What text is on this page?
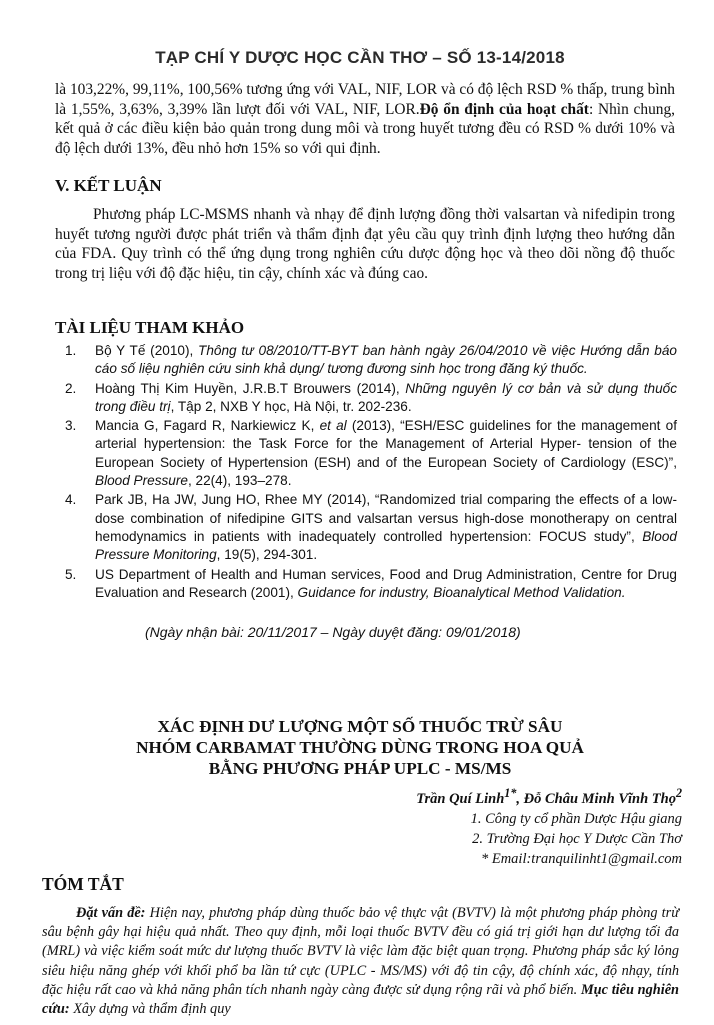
TẠP CHÍ Y DƯỢC HỌC CẦN THƠ – SỐ 13-14/2018
là 103,22%, 99,11%, 100,56% tương ứng với VAL, NIF, LOR và có độ lệch RSD % thấp, trung bình là 1,55%, 3,63%, 3,39% lần lượt đối với VAL, NIF, LOR.Độ ổn định của hoạt chất: Nhìn chung, kết quả ở các điều kiện bảo quản trong dung môi và trong huyết tương đều có RSD % dưới 10% và độ lệch dưới 13%, đều nhỏ hơn 15% so với qui định.
V. KẾT LUẬN
Phương pháp LC-MSMS nhanh và nhạy để định lượng đồng thời valsartan và nifedipin trong huyết tương người được phát triển và thẩm định đạt yêu cầu quy trình định lượng theo hướng dẫn của FDA. Quy trình có thể ứng dụng trong nghiên cứu dược động học và theo dõi nồng độ thuốc trong trị liệu với độ đặc hiệu, tin cậy, chính xác và đúng cao.
TÀI LIỆU THAM KHẢO
1. Bộ Y Tế (2010), Thông tư 08/2010/TT-BYT ban hành ngày 26/04/2010 về việc Hướng dẫn báo cáo số liệu nghiên cứu sinh khả dụng/ tương đương sinh học trong đăng ký thuốc.
2. Hoàng Thị Kim Huyền, J.R.B.T Brouwers (2014), Những nguyên lý cơ bản và sử dụng thuốc trong điều trị, Tập 2, NXB Y học, Hà Nội, tr. 202-236.
3. Mancia G, Fagard R, Narkiewicz K, et al (2013), “ESH/ESC guidelines for the management of arterial hypertension: the Task Force for the Management of Arterial Hyper- tension of the European Society of Hypertension (ESH) and of the European Society of Cardiology (ESC)”, Blood Pressure, 22(4), 193–278.
4. Park JB, Ha JW, Jung HO, Rhee MY (2014), “Randomized trial comparing the effects of a low-dose combination of nifedipine GITS and valsartan versus high-dose monotherapy on central hemodynamics in patients with inadequately controlled hypertension: FOCUS study”, Blood Pressure Monitoring, 19(5), 294-301.
5. US Department of Health and Human services, Food and Drug Administration, Centre for Drug Evaluation and Research (2001), Guidance for industry, Bioanalytical Method Validation.
(Ngày nhận bài: 20/11/2017 – Ngày duyệt đăng: 09/01/2018)
XÁC ĐỊNH DƯ LƯỢNG MỘT SỐ THUỐC TRỪ SÂU
NHÓM CARBAMAT THƯỜNG DÙNG TRONG HOA QUẢ
BẰNG PHƯƠNG PHÁP UPLC - MS/MS
Trần Quí Linh$^{1*}$, Đỗ Châu Minh Vĩnh Thọ$^2$
1. Công ty cổ phần Dược Hậu giang
2. Trường Đại học Y Dược Cần Thơ
* Email:tranquilinht1@gmail.com
TÓM TẮT
Đặt vấn đề: Hiện nay, phương pháp dùng thuốc bảo vệ thực vật (BVTV) là một phương pháp phòng trừ sâu bệnh gây hại hiệu quả nhất. Theo quy định, mỗi loại thuốc BVTV đều có giá trị giới hạn dư lượng tối đa (MRL) và việc kiểm soát mức dư lượng thuốc BVTV là việc làm đặc biệt quan trọng. Phương pháp sắc ký lỏng siêu hiệu năng ghép với khối phổ ba lần tứ cực (UPLC - MS/MS) với độ tin cậy, độ chính xác, độ nhạy, tính đặc hiệu rất cao và khả năng phân tích nhanh ngày càng được sử dụng rộng rãi và phổ biến. Mục tiêu nghiên cứu: Xây dựng và thẩm định quy
